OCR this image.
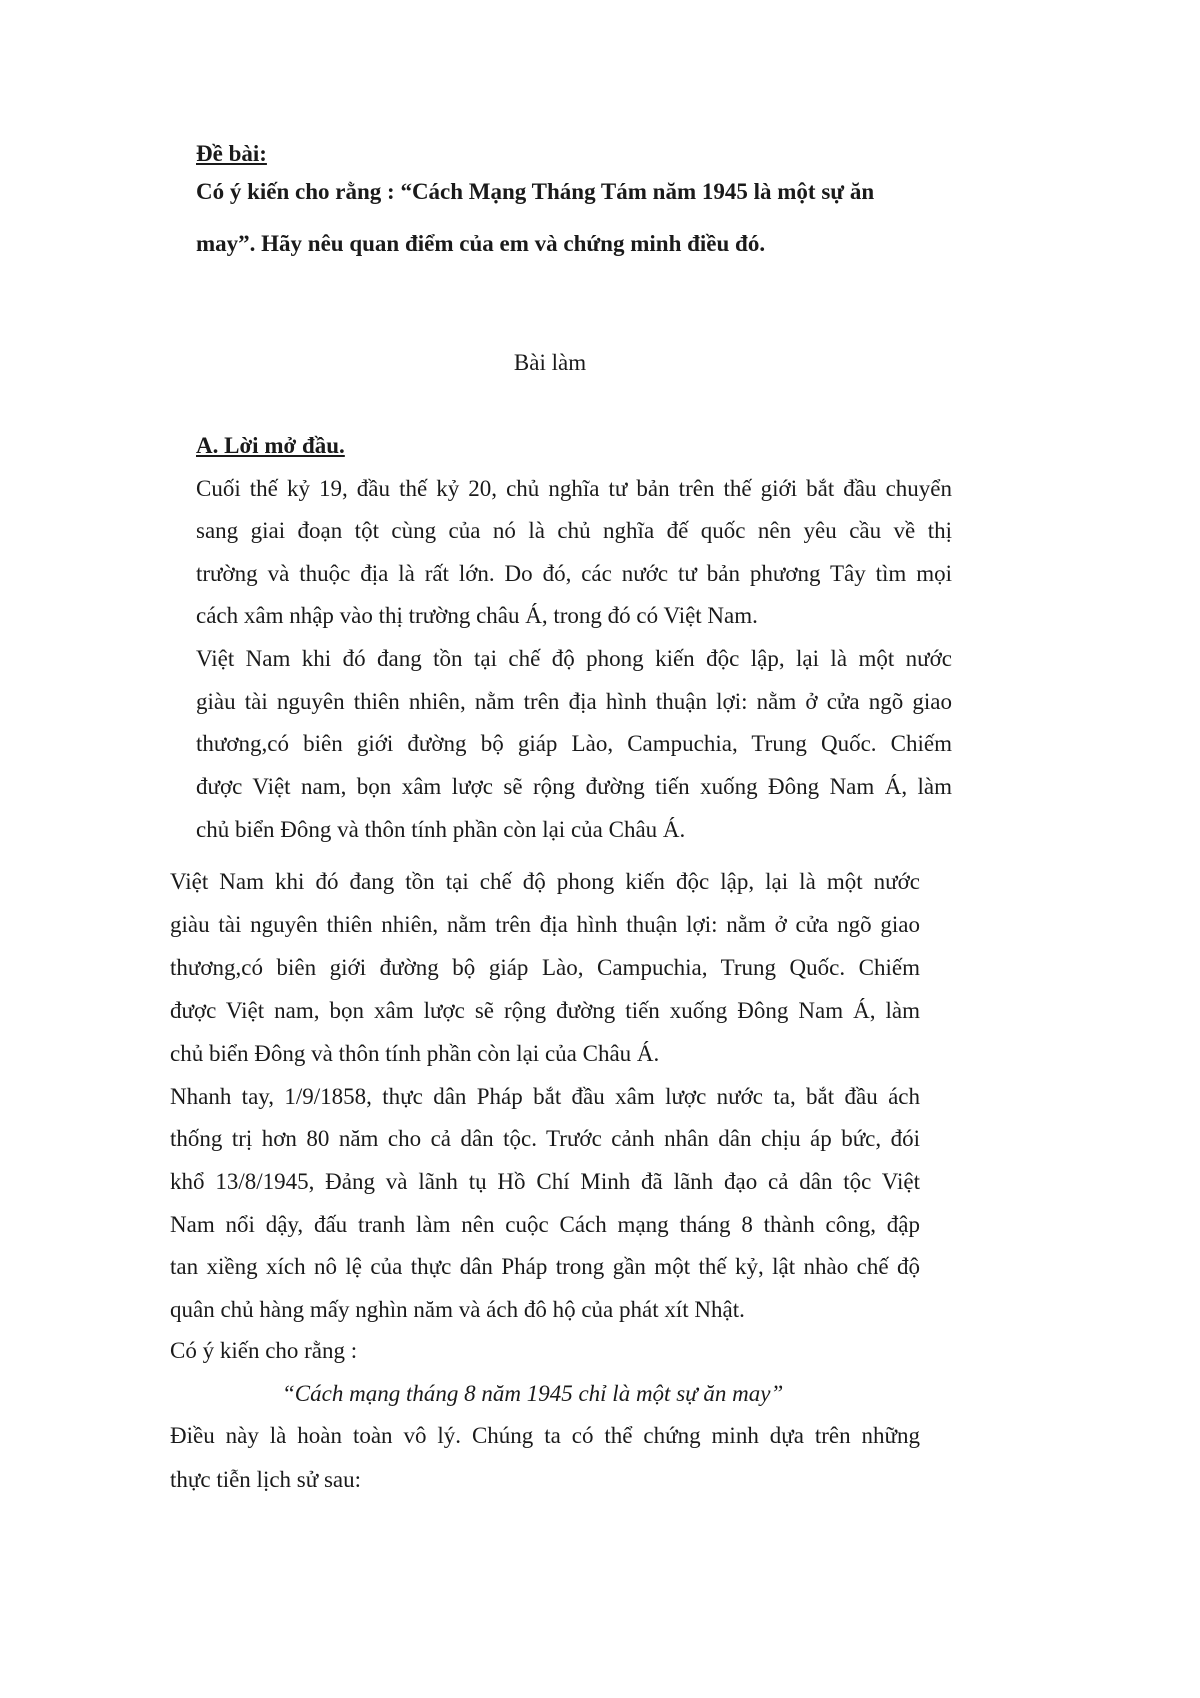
Đề bài:
Có ý kiến cho rằng : “Cách Mạng Tháng Tám năm 1945 là một sự ăn
may”. Hãy nêu quan điểm của em và chứng minh điều đó.
Bài làm
A. Lời mở đầu.
Cuối thế kỷ 19, đầu thế kỷ 20, chủ nghĩa tư bản trên thế giới bắt đầu chuyển
sang giai đoạn tột cùng của nó là chủ nghĩa đế quốc nên yêu cầu về thị
trường và thuộc địa là rất lớn. Do đó, các nước tư bản phương Tây tìm mọi
cách xâm nhập vào thị trường châu Á, trong đó có Việt Nam.
Việt Nam khi đó đang tồn tại chế độ phong kiến độc lập, lại là một nước
giàu tài nguyên thiên nhiên, nằm trên địa hình thuận lợi: nằm ở cửa ngõ giao
thương,có biên giới đường bộ giáp Lào, Campuchia, Trung Quốc. Chiếm
được Việt nam, bọn xâm lược sẽ rộng đường tiến xuống Đông Nam Á, làm
chủ biển Đông và thôn tính phần còn lại của Châu Á.
Việt Nam khi đó đang tồn tại chế độ phong kiến độc lập, lại là một nước
giàu tài nguyên thiên nhiên, nằm trên địa hình thuận lợi: nằm ở cửa ngõ giao
thương,có biên giới đường bộ giáp Lào, Campuchia, Trung Quốc. Chiếm
được Việt nam, bọn xâm lược sẽ rộng đường tiến xuống Đông Nam Á, làm
chủ biển Đông và thôn tính phần còn lại của Châu Á.
Nhanh tay, 1/9/1858, thực dân Pháp bắt đầu xâm lược nước ta, bắt đầu ách
thống trị hơn 80 năm cho cả dân tộc. Trước cảnh nhân dân chịu áp bức, đói
khổ 13/8/1945, Đảng và lãnh tụ Hồ Chí Minh đã lãnh đạo cả dân tộc Việt
Nam nổi dậy, đấu tranh làm nên cuộc Cách mạng tháng 8 thành công, đập
tan xiềng xích nô lệ của thực dân Pháp trong gần một thế kỷ, lật nhào chế độ
quân chủ hàng mấy nghìn năm và ách đô hộ của phát xít Nhật.
Có ý kiến cho rằng :
“Cách mạng tháng 8 năm 1945 chỉ là một sự ăn may”
Điều này là hoàn toàn vô lý. Chúng ta có thể chứng minh dựa trên những
thực tiễn lịch sử sau:
